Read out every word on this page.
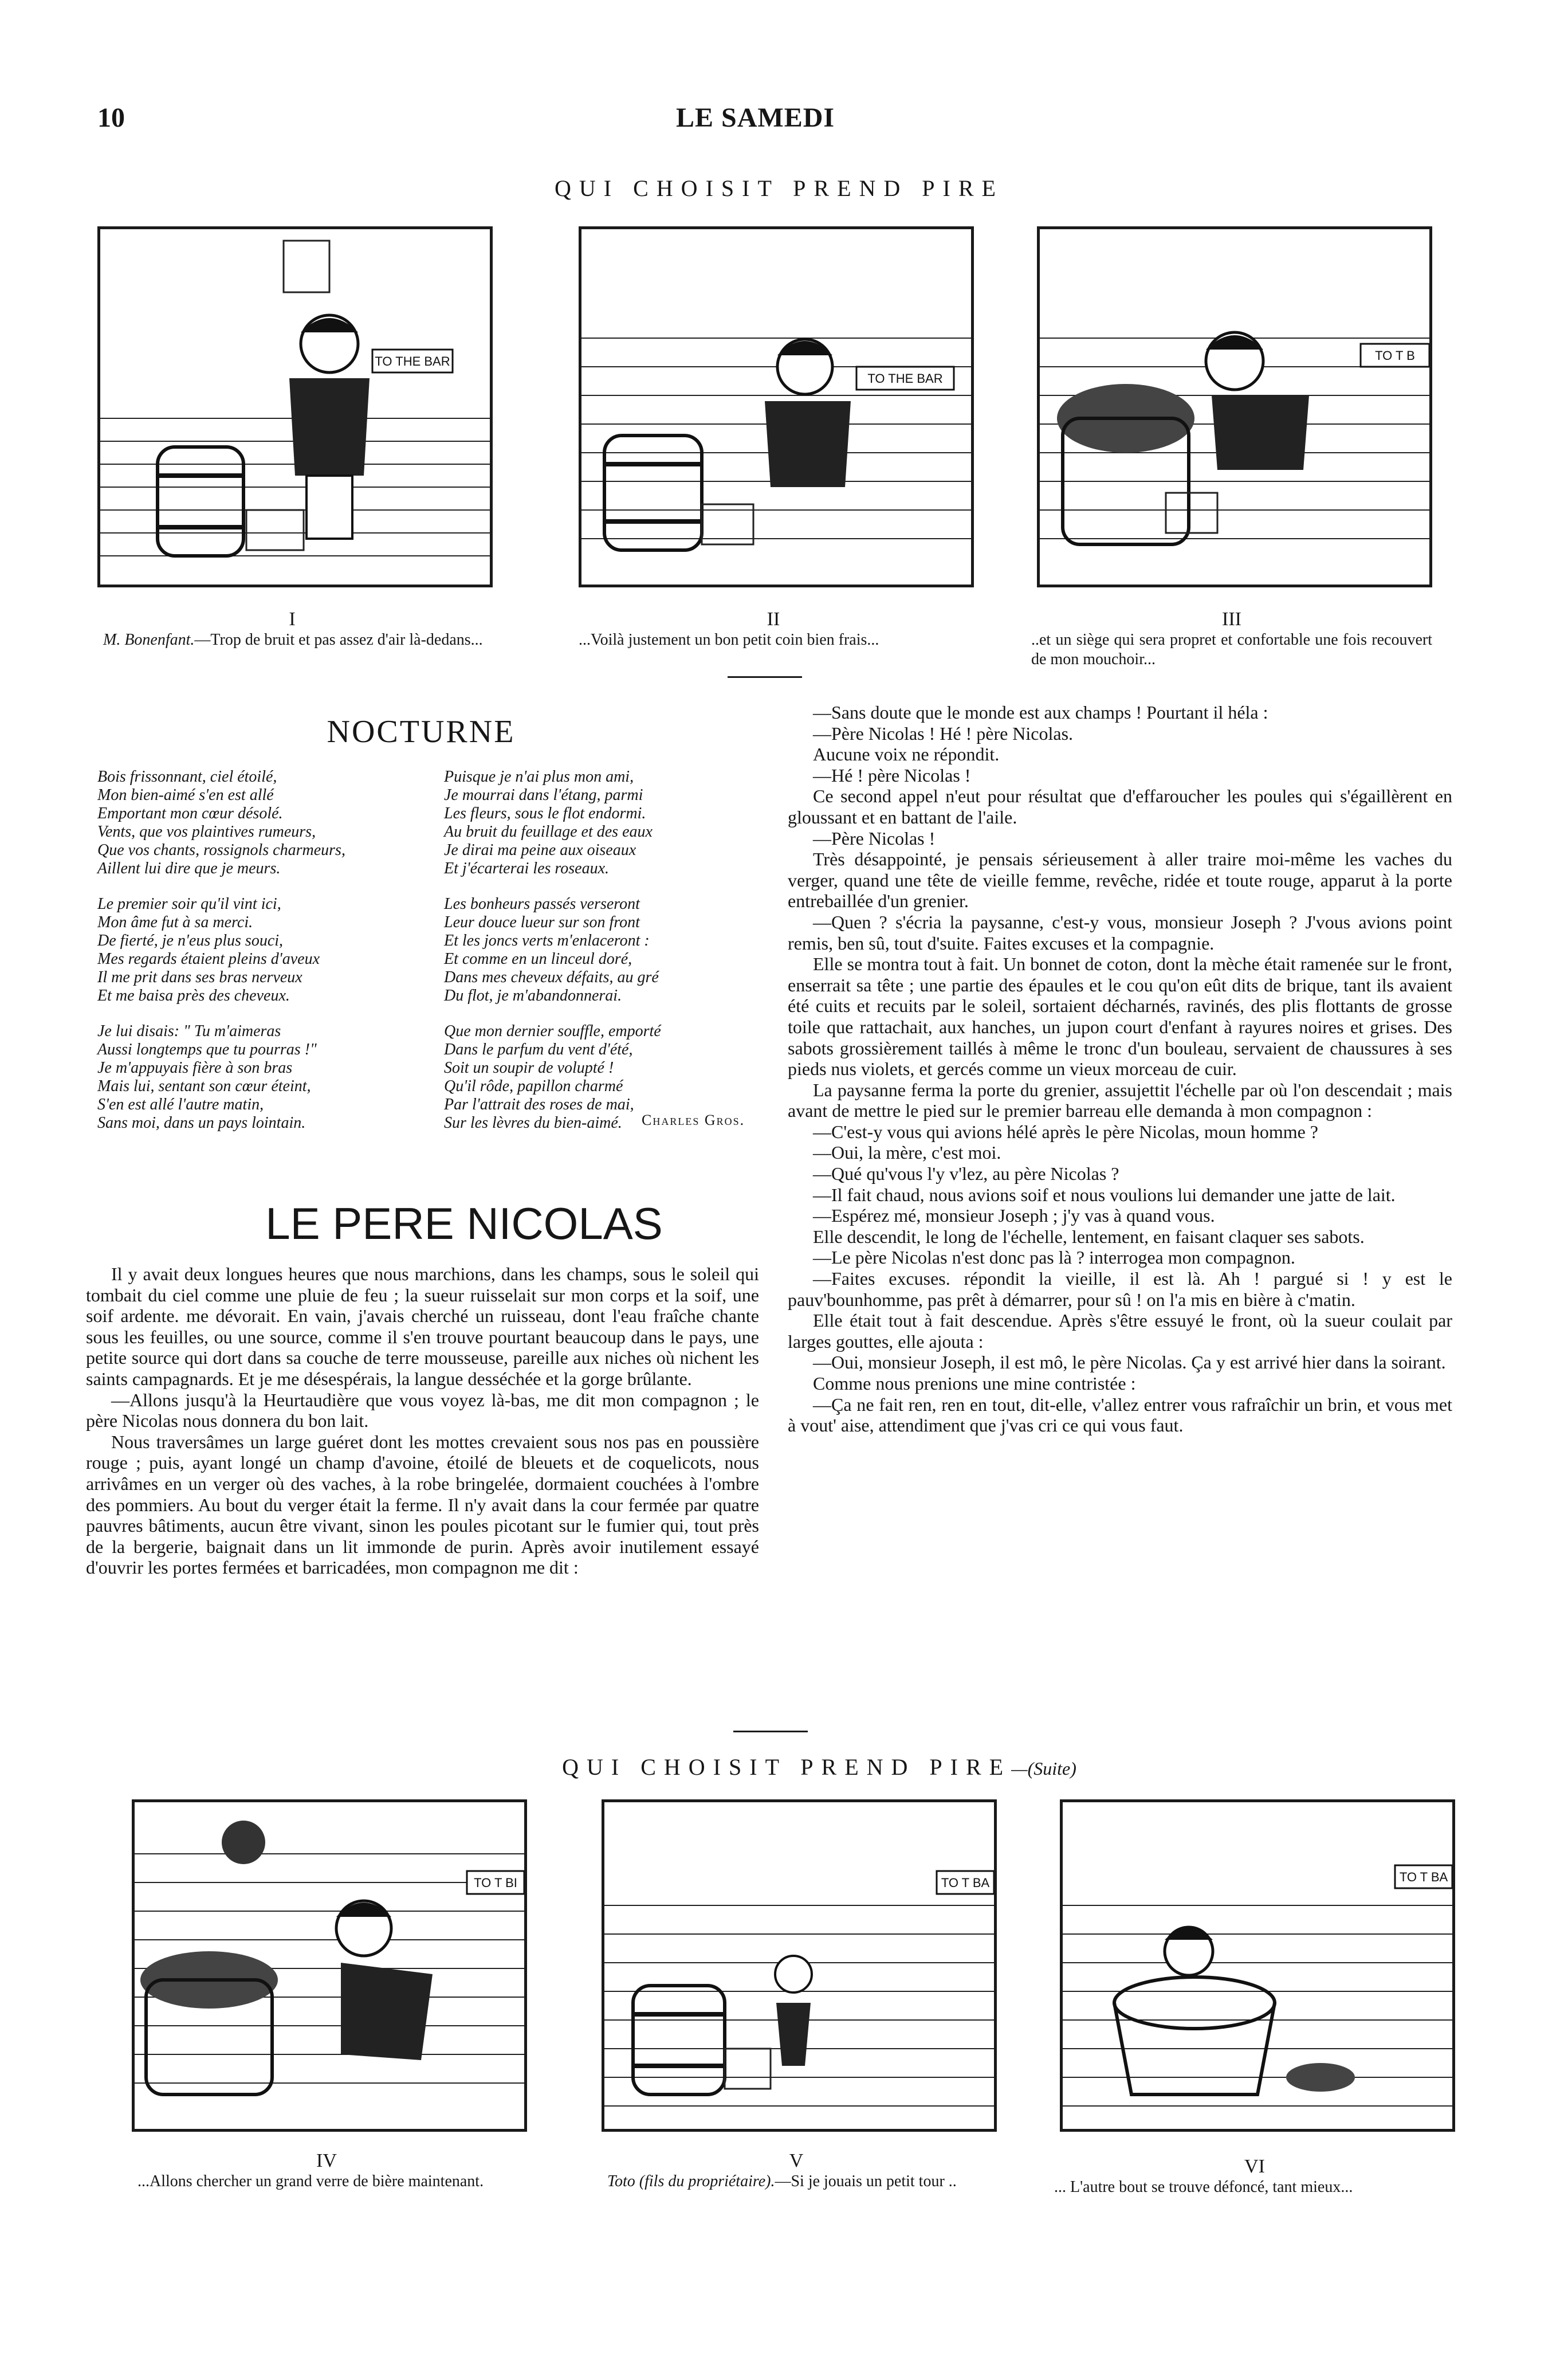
10	LE SAMEDI
QUI CHOISIT PREND PIRE
TO THE BAR
TO THE BAR
TO T B
I
M. Bonenfant.—Trop de bruit et pas assez d'air là-dedans...
II
...Voilà justement un bon petit coin bien frais...
III
..et un siège qui sera propret et confortable une fois recouvert de mon mouchoir...
NOCTURNE
Bois frissonnant, ciel étoilé,
Mon bien-aimé s'en est allé
Emportant mon cœur désolé.
Vents, que vos plaintives rumeurs,
Que vos chants, rossignols charmeurs,
Aillent lui dire que je meurs.
Le premier soir qu'il vint ici,
Mon âme fut à sa merci.
De fierté, je n'eus plus souci,
Mes regards étaient pleins d'aveux
Il me prit dans ses bras nerveux
Et me baisa près des cheveux.
Je lui disais: " Tu m'aimeras
Aussi longtemps que tu pourras !"
Je m'appuyais fière à son bras
Mais lui, sentant son cœur éteint,
S'en est allé l'autre matin,
Sans moi, dans un pays lointain.
Puisque je n'ai plus mon ami,
Je mourrai dans l'étang, parmi
Les fleurs, sous le flot endormi.
Au bruit du feuillage et des eaux
Je dirai ma peine aux oiseaux
Et j'écarterai les roseaux.
Les bonheurs passés verseront
Leur douce lueur sur son front
Et les joncs verts m'enlaceront :
Et comme en un linceul doré,
Dans mes cheveux défaits, au gré
Du flot, je m'abandonnerai.
Que mon dernier souffle, emporté
Dans le parfum du vent d'été,
Soit un soupir de volupté !
Qu'il rôde, papillon charmé
Par l'attrait des roses de mai,
Sur les lèvres du bien-aimé.	Charles Gros.
LE PERE NICOLAS

Il y avait deux longues heures que nous marchions, dans les champs, sous le soleil qui tombait du ciel comme une pluie de feu ; la sueur ruisselait sur mon corps et la soif, une soif ardente. me dévorait. En vain, j'avais cherché un ruisseau, dont l'eau fraîche chante sous les feuilles, ou une source, comme il s'en trouve pourtant beaucoup dans le pays, une petite source qui dort dans sa couche de terre mousseuse, pareille aux niches où nichent les saints campagnards. Et je me désespérais, la langue desséchée et la gorge brûlante.

—Allons jusqu'à la Heurtaudière que vous voyez là-bas, me dit mon compagnon ; le père Nicolas nous donnera du bon lait.

Nous traversâmes un large guéret dont les mottes crevaient sous nos pas en poussière rouge ; puis, ayant longé un champ d'avoine, étoilé de bleuets et de coquelicots, nous arrivâmes en un verger où des vaches, à la robe bringelée, dormaient couchées à l'ombre des pommiers. Au bout du verger était la ferme. Il n'y avait dans la cour fermée par quatre pauvres bâtiments, aucun être vivant, sinon les poules picotant sur le fumier qui, tout près de la bergerie, baignait dans un lit immonde de purin. Après avoir inutilement essayé d'ouvrir les portes fermées et barricadées, mon compagnon me dit :

—Sans doute que le monde est aux champs ! Pourtant il héla :

—Père Nicolas ! Hé ! père Nicolas.

Aucune voix ne répondit.

—Hé ! père Nicolas !

Ce second appel n'eut pour résultat que d'effaroucher les poules qui s'égaillèrent en gloussant et en battant de l'aile.

—Père Nicolas !

Très désappointé, je pensais sérieusement à aller traire moi-même les vaches du verger, quand une tête de vieille femme, revêche, ridée et toute rouge, apparut à la porte entrebaillée d'un grenier.

—Quen ? s'écria la paysanne, c'est-y vous, monsieur Joseph ? J'vous avions point remis, ben sû, tout d'suite. Faites excuses et la compagnie.

Elle se montra tout à fait. Un bonnet de coton, dont la mèche était ramenée sur le front, enserrait sa tête ; une partie des épaules et le cou qu'on eût dits de brique, tant ils avaient été cuits et recuits par le soleil, sortaient décharnés, ravinés, des plis flottants de grosse toile que rattachait, aux hanches, un jupon court d'enfant à rayures noires et grises. Des sabots grossièrement taillés à même le tronc d'un bouleau, servaient de chaussures à ses pieds nus violets, et gercés comme un vieux morceau de cuir.

La paysanne ferma la porte du grenier, assujettit l'échelle par où l'on descendait ; mais avant de mettre le pied sur le premier barreau elle demanda à mon compagnon :

—C'est-y vous qui avions hélé après le père Nicolas, moun homme ?

—Oui, la mère, c'est moi.

—Qué qu'vous l'y v'lez, au père Nicolas ?

—Il fait chaud, nous avions soif et nous voulions lui demander une jatte de lait.

—Espérez mé, monsieur Joseph ; j'y vas à quand vous.

Elle descendit, le long de l'échelle, lentement, en faisant claquer ses sabots.

—Le père Nicolas n'est donc pas là ? interrogea mon compagnon.

—Faites excuses. répondit la vieille, il est là. Ah ! pargué si ! y est le pauv'bounhomme, pas prêt à démarrer, pour sû ! on l'a mis en bière à c'matin.

Elle était tout à fait descendue. Après s'être essuyé le front, où la sueur coulait par larges gouttes, elle ajouta :

—Oui, monsieur Joseph, il est mô, le père Nicolas. Ça y est arrivé hier dans la soirant.

Comme nous prenions une mine contristée :

—Ça ne fait ren, ren en tout, dit-elle, v'allez entrer vous rafraîchir un brin, et vous met à vout' aise, attendiment que j'vas cri ce qui vous faut.

QUI CHOISIT PREND PIRE—(Suite)
TO T BI	TO T BA	TO T BA
IV
...Allons chercher un grand verre de bière maintenant.
V
Toto (fils du propriétaire).—Si je jouais un petit tour ..
VI
... L'autre bout se trouve défoncé, tant mieux...
